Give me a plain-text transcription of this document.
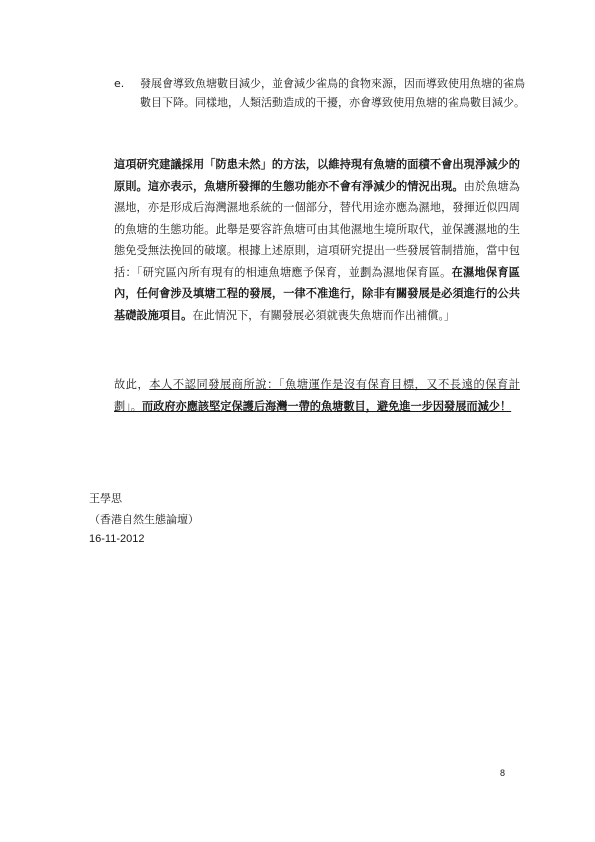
e.	發展會導致魚塘數目減少，並會減少雀鳥的食物來源，因而導致使用魚塘的雀鳥數目下降。同樣地，人類活動造成的干擾，亦會導致使用魚塘的雀鳥數目減少。
這項研究建議採用「防患未然」的方法，以維持現有魚塘的面積不會出現淨減少的原則。這亦表示，魚塘所發揮的生態功能亦不會有淨減少的情況出現。由於魚塘為濕地，亦是形成后海灣濕地系統的一個部分，替代用途亦應為濕地，發揮近似四周的魚塘的生態功能。此舉是要容許魚塘可由其他濕地生境所取代，並保護濕地的生態免受無法挽回的破壞。根據上述原則，這項研究提出一些發展管制措施，當中包括：「研究區內所有現有的相連魚塘應予保育，並劃為濕地保育區。在濕地保育區內，任何會涉及填塘工程的發展，一律不准進行，除非有關發展是必須進行的公共基礎設施項目。在此情況下，有關發展必須就喪失魚塘而作出補償。」
故此，本人不認同發展商所說：「魚塘運作是沒有保育目標，又不長遠的保育計劃」。而政府亦應該堅定保護后海灣一帶的魚塘數目，避免進一步因發展而減少！
王學思
（香港自然生態論壇）
16-11-2012
8
